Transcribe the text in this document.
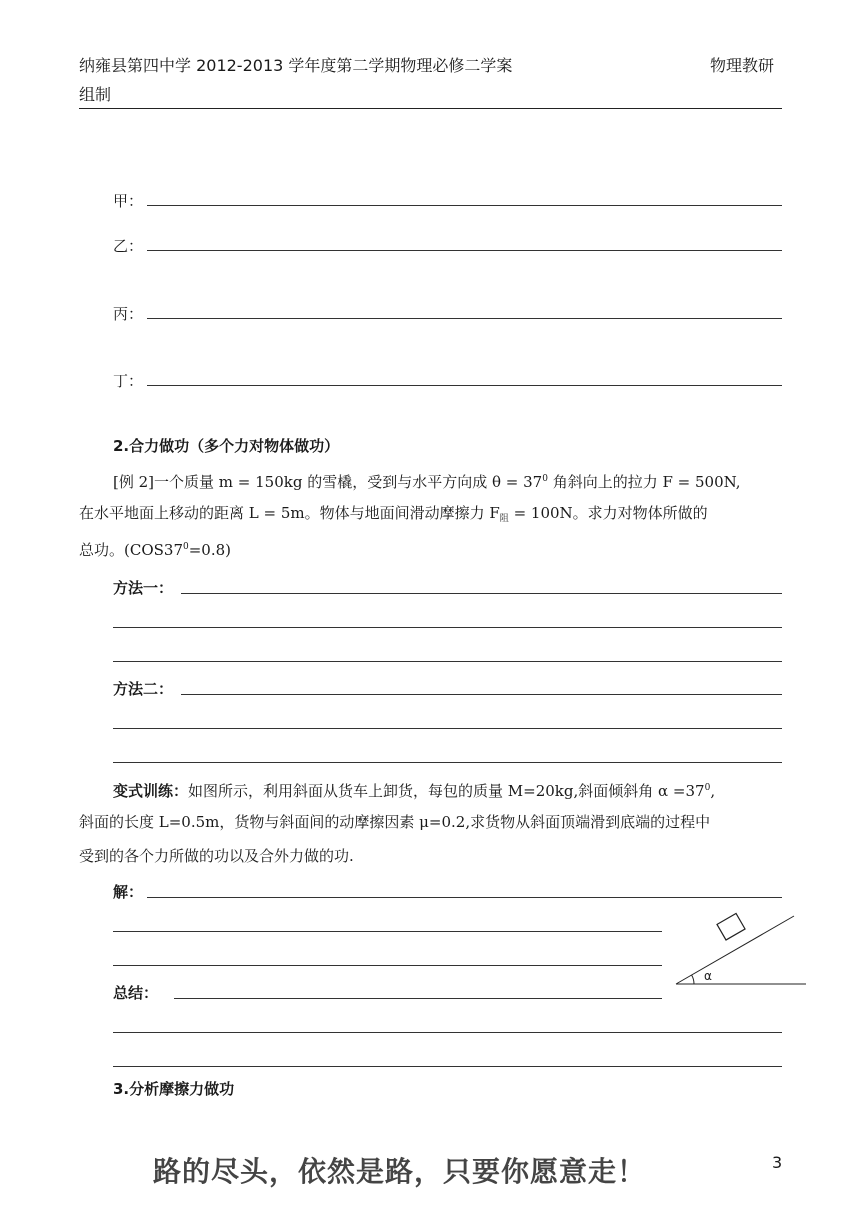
纳雍县第四中学 2012-2013 学年度第二学期物理必修二学案	物理教研
组制
甲：
乙：
丙：
丁：
2.合力做功（多个力对物体做功）
[例 2]一个质量 m = 150kg 的雪橇，受到与水平方向成 $\theta = 37^0$ 角斜向上的拉力 F = 500N,
在水平地面上移动的距离 L = 5m。物体与地面间滑动摩擦力 $F_阻 = 100N$。求力对物体所做的
总功。$(COS37^0=0.8)$
方法一：
方法二：
变式训练：如图所示，利用斜面从货车上卸货，每包的质量 M=20kg,斜面倾斜角 $\alpha =37^0$,
斜面的长度 L=0.5m，货物与斜面间的动摩擦因素 μ=0.2,求货物从斜面顶端滑到底端的过程中
受到的各个力所做的功以及合外力做的功.
解：
总结：
α
3.分析摩擦力做功
路的尽头，依然是路，只要你愿意走！	3
